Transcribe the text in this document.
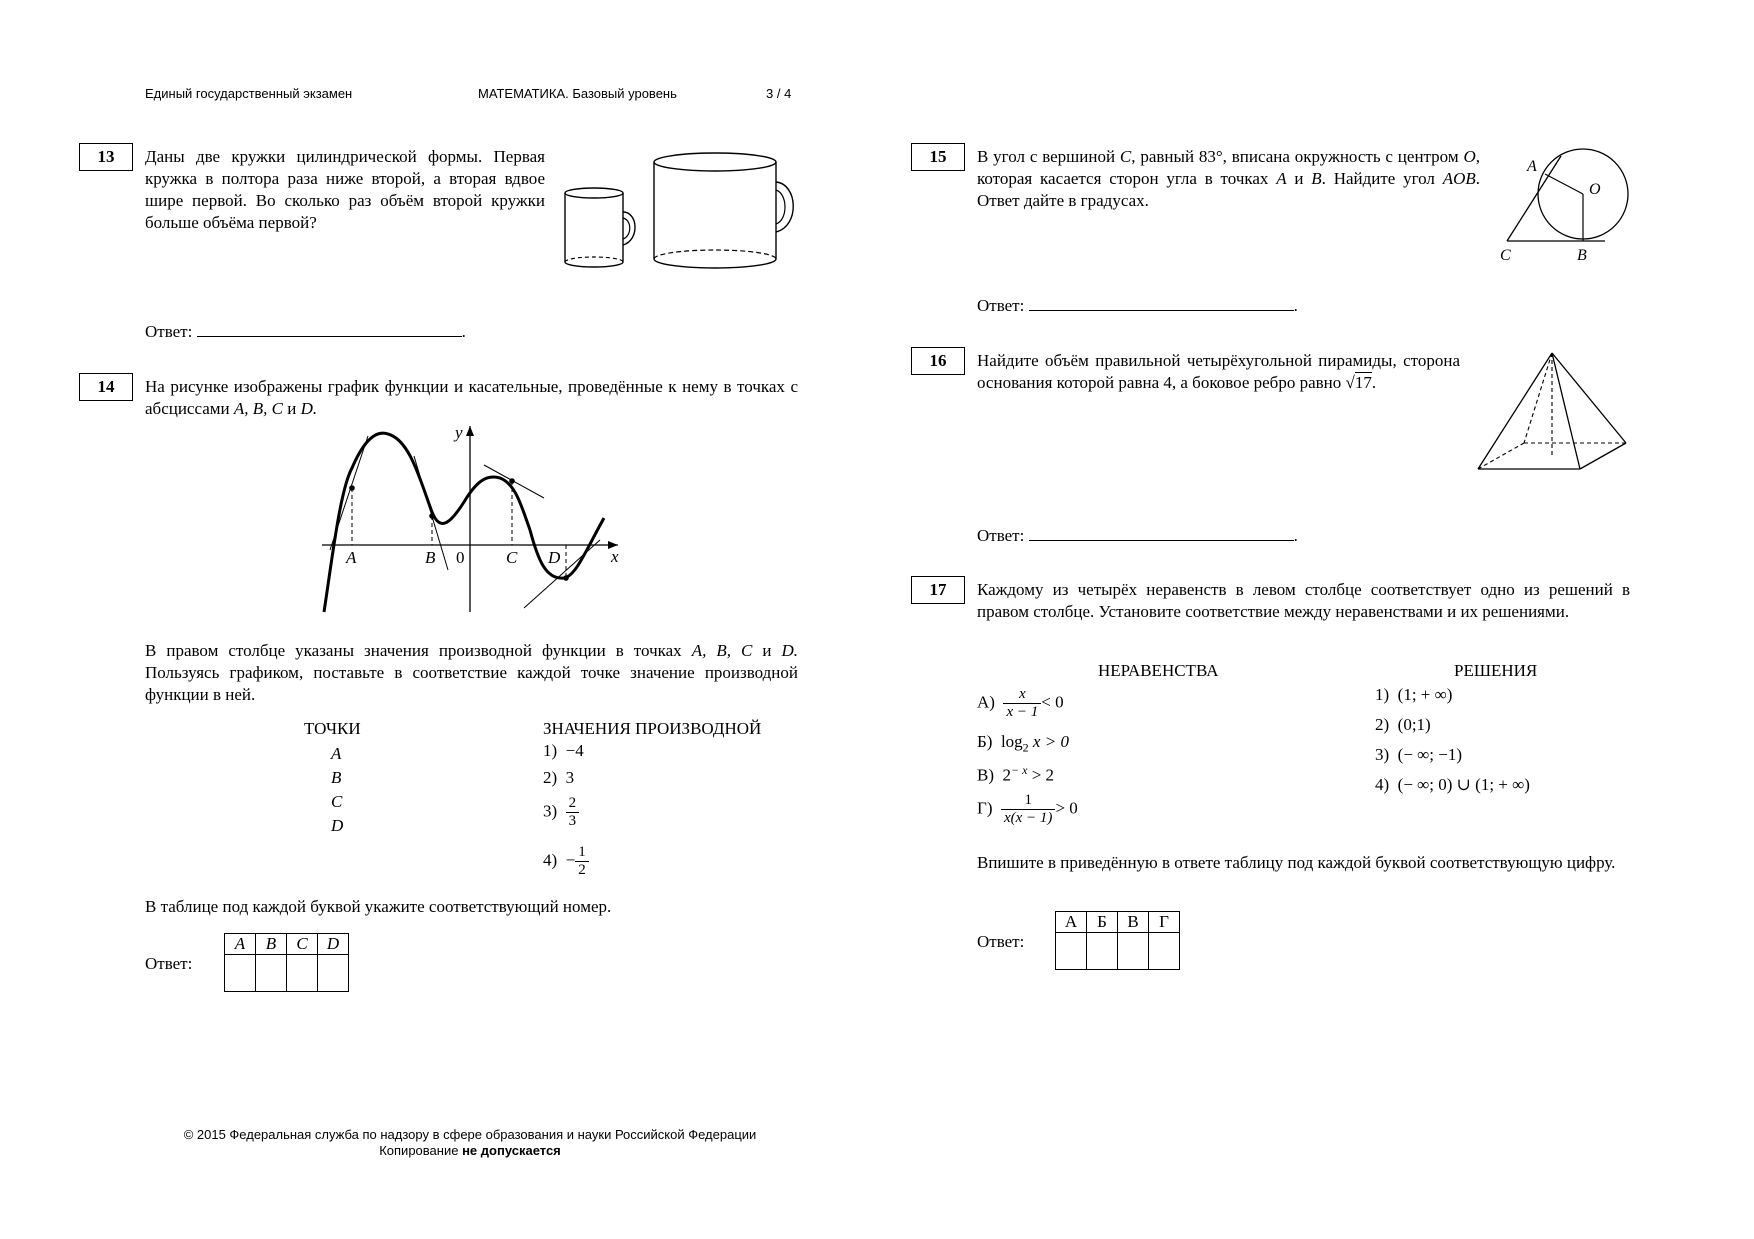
Единый государственный экзамен	МАТЕМАТИКА. Базовый уровень	3 / 4
13	Даны две кружки цилиндрической формы. Первая кружка в полтора раза ниже второй, а вторая вдвое шире первой. Во сколько раз объём второй кружки больше объёма первой?
Ответ:	.
14	На рисунке изображены график функции и касательные, проведённые к нему в точках с абсциссами A, B, C и D.
y
x
0
A	B	C D
В правом столбце указаны значения производной функции в точках A, B, C и D. Пользуясь графиком, поставьте в соответствие каждой точке значение производной функции в ней.
ТОЧКИ	ЗНАЧЕНИЯ ПРОИЗВОДНОЙ
A
B
C
D
1) −4
2) 3
$3) \frac{2}{3}$
$4) - \frac{1}{2}$
В таблице под каждой буквой укажите соответствующий номер.
Ответ:
A	B	C	D

15	В угол с вершиной C, равный 83°, вписана окружность с центром O, которая касается сторон угла в точках A и B. Найдите угол AOB. Ответ дайте в градусах.
A
O
C	B
Ответ:	.
16	Найдите объём правильной четырёхугольной пирамиды, сторона основания которой равна 4, а боковое ребро равно √17.
Ответ:	.
17	Каждому из четырёх неравенств в левом столбце соответствует одно из решений в правом столбце. Установите соответствие между неравенствами и их решениями.
НЕРАВЕНСТВА	РЕШЕНИЯ
$А) \frac{x}{x - 1} < 0$
Б) $\log_2 x > 0$
В) $2^{- x} > 2$
$Г) \frac{1}{x(x - 1)} > 0$
1) (1; + ∞)
2) (0;1)
3) (− ∞; −1)
4) (− ∞; 0) ∪ (1; + ∞)
Впишите в приведённую в ответе таблицу под каждой буквой соответствующую цифру.
Ответ:
А	Б	В	Г

© 2015 Федеральная служба по надзору в сфере образования и науки Российской Федерации
Копирование не допускается
